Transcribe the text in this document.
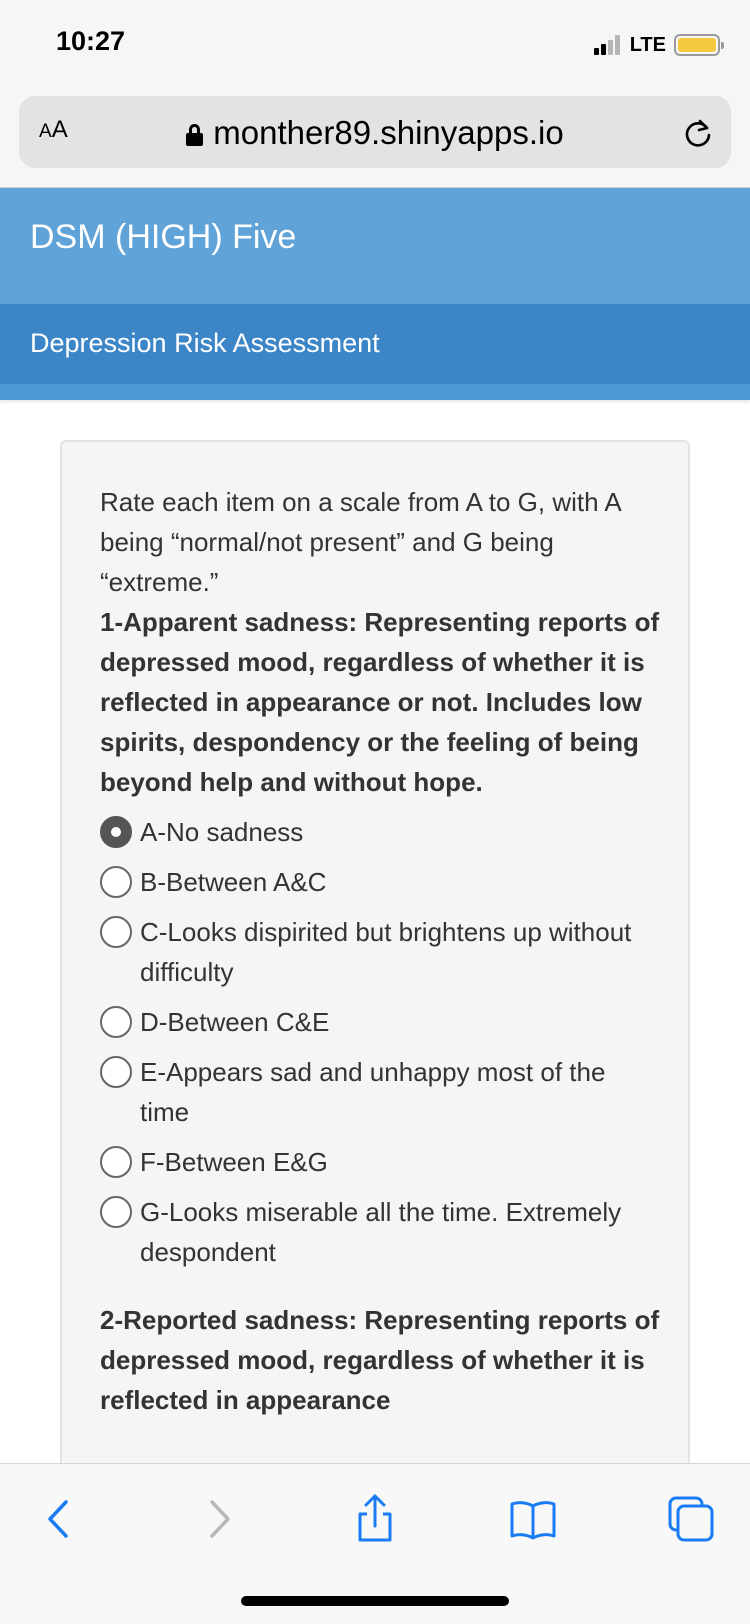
10:27	LTE
AA	monther89.shinyapps.io
DSM (HIGH) Five
Depression Risk Assessment
Rate each item on a scale from A to G, with A being “normal/not present” and G being “extreme.”
1-Apparent sadness: Representing reports of depressed mood, regardless of whether it is reflected in appearance or not. Includes low spirits, despondency or the feeling of being beyond help and without hope.
A-No sadness
B-Between A&C
C-Looks dispirited but brightens up without difficulty
D-Between C&E
E-Appears sad and unhappy most of the time
F-Between E&G
G-Looks miserable all the time. Extremely despondent
2-Reported sadness: Representing reports of depressed mood, regardless of whether it is reflected in appearance
